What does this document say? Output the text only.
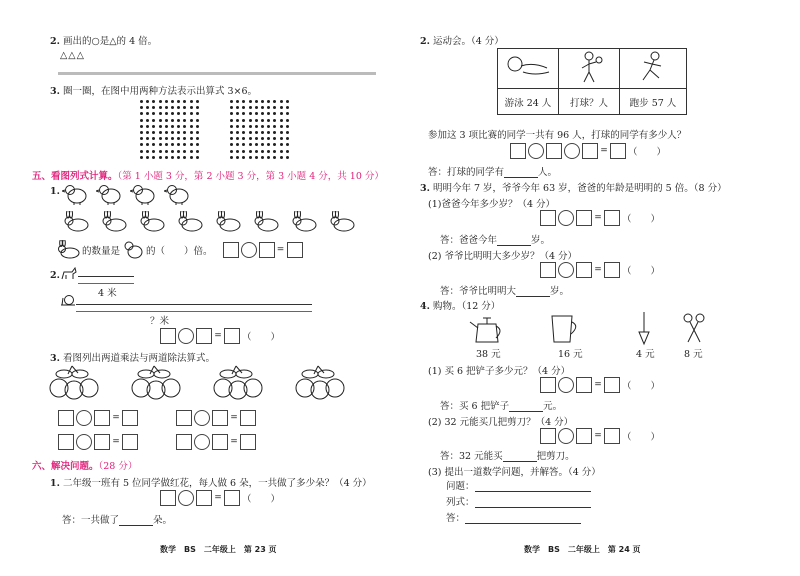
2. 画出的○是△的 4 倍。
△△△
3. 圈一圈，在图中用两种方法表示出算式 3×6。
五、看图列式计算。（第 1 小题 3 分，第 2 小题 3 分，第 3 小题 4 分，共 10 分）
1.
的数量是	的（　　）倍。	=
2.
4 米
？米
= （　　）
3. 看图列出两道乘法与两道除法算式。
=	=
=	=
六、解决问题。（28 分）
1. 二年级一班有 5 位同学做红花，每人做 6 朵，一共做了多少朵？（4 分）
= （　　）
答：一共做了	朵。
数学　BS　二年级上　第 23 页
2. 运动会。（4 分）

游泳 24 人	打球？人	跑步 57 人
参加这 3 项比赛的同学一共有 96 人，打球的同学有多少人？
= （　　）
答：打球的同学有	人。
3. 明明今年 7 岁，爷爷今年 63 岁，爸爸的年龄是明明的 5 倍。（8 分）
(1)爸爸今年多少岁？（4 分）
= （　　）
答：爸爸今年	岁。
(2) 爷爷比明明大多少岁？（4 分）
= （　　）
答：爷爷比明明大	岁。
4. 购物。（12 分）
38 元	16 元	4 元	8 元
(1) 买 6 把铲子多少元？（4 分）
= （　　）
答：买 6 把铲子	元。
(2) 32 元能买几把剪刀？（4 分）
= （　　）
答：32 元能买	把剪刀。
(3) 提出一道数学问题，并解答。（4 分）
问题：
列式：
答：
数学　BS　二年级上　第 24 页
